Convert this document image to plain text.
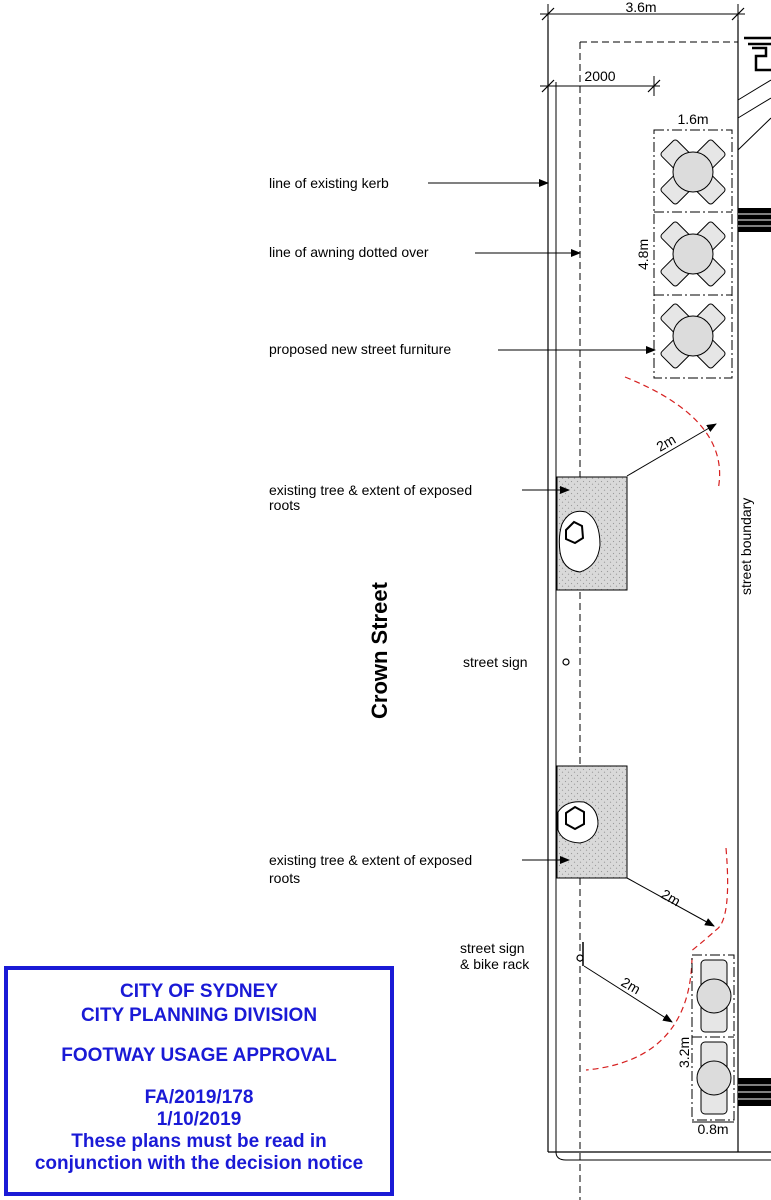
3.6m
street boundary
2000
1.6m
4.8m
2m
2m
2m
3.2m
0.8m
line of existing kerb
line of awning dotted over
proposed new street furniture
existing tree & extent of exposed
roots
street sign
existing tree & extent of exposed
roots
street sign
& bike rack
Crown Street
CITY OF SYDNEY
CITY PLANNING DIVISION
FOOTWAY USAGE APPROVAL
FA/2019/178
1/10/2019
These plans must be read in
conjunction with the decision notice
